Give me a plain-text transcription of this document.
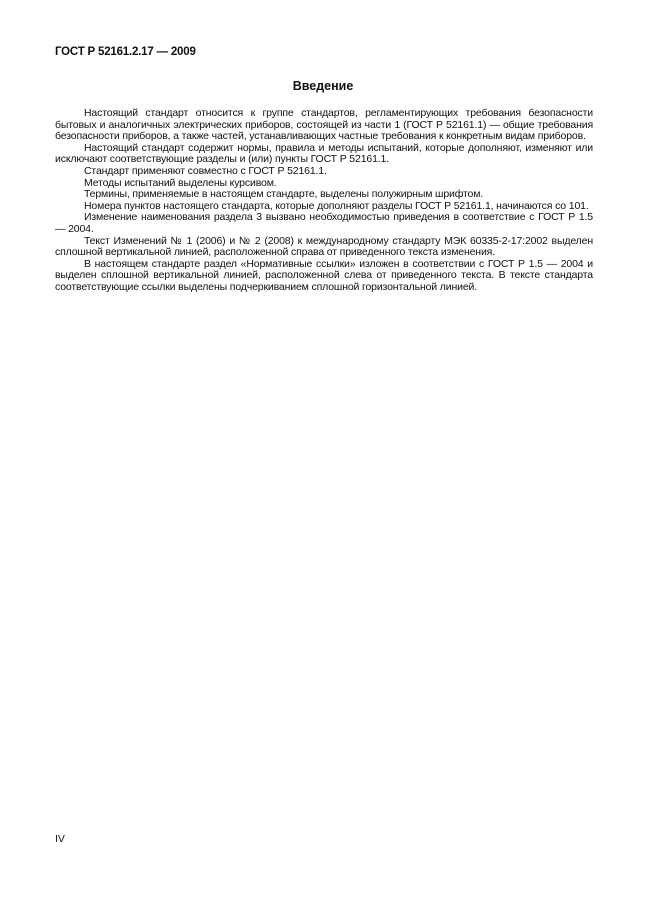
ГОСТ Р 52161.2.17 — 2009
Введение

Настоящий стандарт относится к группе стандартов, регламентирующих требования безопасности бытовых и аналогичных электрических приборов, состоящей из части 1 (ГОСТ Р 52161.1) — общие требования безопасности приборов, а также частей, устанавливающих частные требования к конкретным видам приборов.

Настоящий стандарт содержит нормы, правила и методы испытаний, которые дополняют, изменяют или исключают соответствующие разделы и (или) пункты ГОСТ Р 52161.1.

Стандарт применяют совместно с ГОСТ Р 52161.1.

Методы испытаний выделены курсивом.

Термины, применяемые в настоящем стандарте, выделены полужирным шрифтом.

Номера пунктов настоящего стандарта, которые дополняют разделы ГОСТ Р 52161.1, начинаются со 101.

Изменение наименования раздела 3 вызвано необходимостью приведения в соответствие с ГОСТ Р 1.5 — 2004.

Текст Изменений № 1 (2006) и № 2 (2008) к международному стандарту МЭК 60335-2-17:2002 выделен сплошной вертикальной линией, расположенной справа от приведенного текста изменения.

В настоящем стандарте раздел «Нормативные ссылки» изложен в соответствии с ГОСТ Р 1.5 — 2004 и выделен сплошной вертикальной линией, расположенной слева от приведенного текста. В тексте стандарта соответствующие ссылки выделены подчеркиванием сплошной горизонтальной линией.

IV
